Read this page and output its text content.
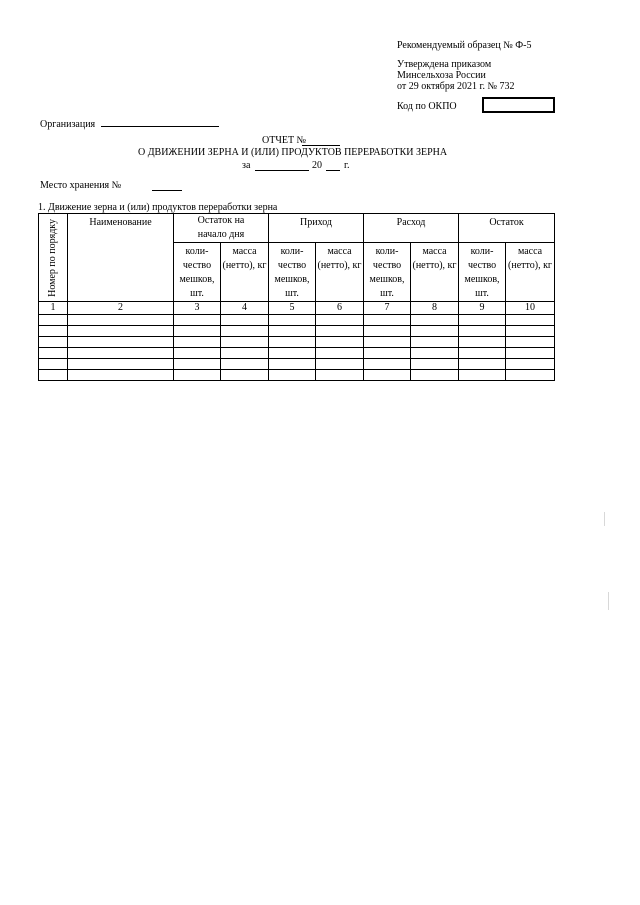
Рекомендуемый образец № Ф-5
Утверждена приказом
Минсельхоза России
от 29 октября 2021 г. № 732
Код по ОКПО
Организация
ОТЧЕТ №
О ДВИЖЕНИИ ЗЕРНА И (ИЛИ) ПРОДУКТОВ ПЕРЕРАБОТКИ ЗЕРНА
за	20 г.
Место хранения №
1. Движение зерна и (или) продуктов переработки зерна
Номер по порядку	Наименование	Остаток на начало дня		Приход		Расход		Остаток	

		коли-чество мешков, шт.	масса (нетто), кг	коли-чество мешков, шт.	масса (нетто), кг	коли-чество мешков, шт.	масса (нетто), кг	коли-чество мешков, шт.	масса (нетто), кг

1	2	3	4	5	6	7	8	9	10
